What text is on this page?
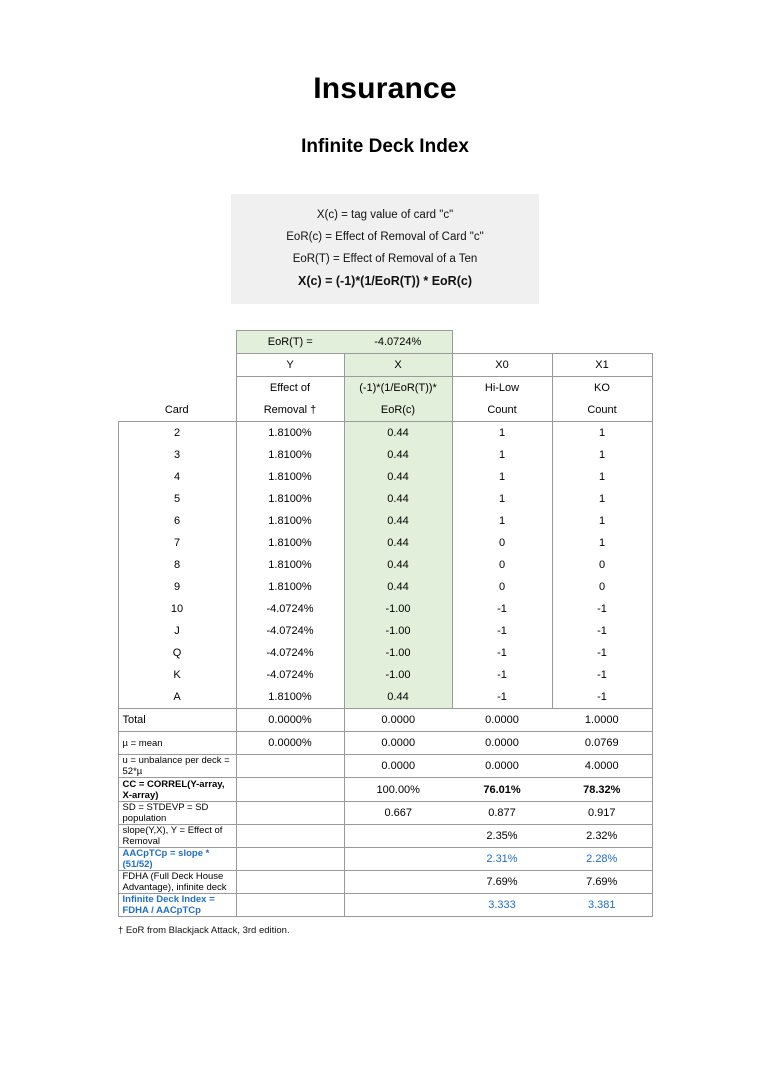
Insurance
Infinite Deck Index
X(c) = tag value of card "c"
EoR(c) = Effect of Removal of Card "c"
EoR(T) = Effect of Removal of a Ten
X(c) = (-1)*(1/EoR(T)) * EoR(c)
	EoR(T) =	-4.0724%		
	Y	X	X0	X1
	Effect of	(-1)*(1/EoR(T))*	Hi-Low	KO
Card	Removal †	EoR(c)	Count	Count
2	1.8100%	0.44	1	1
3	1.8100%	0.44	1	1
4	1.8100%	0.44	1	1
5	1.8100%	0.44	1	1
6	1.8100%	0.44	1	1
7	1.8100%	0.44	0	1
8	1.8100%	0.44	0	0
9	1.8100%	0.44	0	0
10	-4.0724%	-1.00	-1	-1
J	-4.0724%	-1.00	-1	-1
Q	-4.0724%	-1.00	-1	-1
K	-4.0724%	-1.00	-1	-1
A	1.8100%	0.44	-1	-1
Total	0.0000%	0.0000	0.0000	1.0000
µ = mean	0.0000%	0.0000	0.0000	0.0769
u = unbalance per deck = 52*µ		0.0000	0.0000	4.0000
CC = CORREL(Y-array, X-array)		100.00%	76.01%	78.32%
SD = STDEVP = SD population		0.667	0.877	0.917
slope(Y,X), Y = Effect of Removal			2.35%	2.32%
AACpTCp = slope * (51/52)			2.31%	2.28%
FDHA (Full Deck House Advantage), infinite deck			7.69%	7.69%
Infinite Deck Index = FDHA / AACpTCp			3.333	3.381
† EoR from Blackjack Attack, 3rd edition.
